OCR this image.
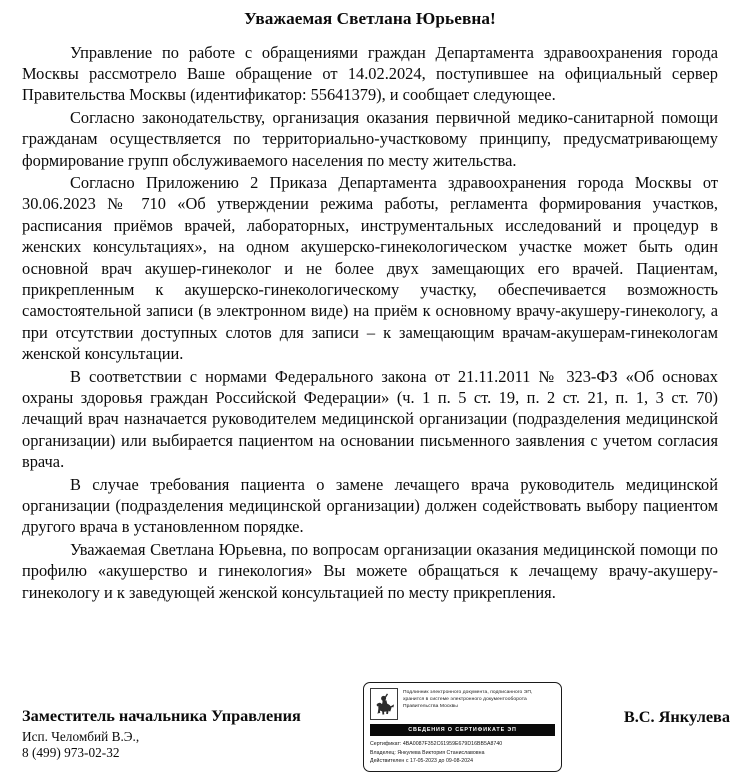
Уважаемая Светлана Юрьевна!

Управление по работе с обращениями граждан Департамента здравоохранения города Москвы рассмотрело Ваше обращение от 14.02.2024, поступившее на официальный сервер Правительства Москвы (идентификатор: 55641379), и сообщает следующее.

Согласно законодательству, организация оказания первичной медико-санитарной помощи гражданам осуществляется по территориально-участковому принципу, предусматривающему формирование групп обслуживаемого населения по месту жительства.

Согласно Приложению 2 Приказа Департамента здравоохранения города Москвы от 30.06.2023 № 710 «Об утверждении режима работы, регламента формирования участков, расписания приёмов врачей, лабораторных, инструментальных исследований и процедур в женских консультациях», на одном акушерско-гинекологическом участке может быть один основной врач акушер-гинеколог и не более двух замещающих его врачей. Пациентам, прикрепленным к акушерско-гинекологическому участку, обеспечивается возможность самостоятельной записи (в электронном виде) на приём к основному врачу-акушеру-гинекологу, а при отсутствии доступных слотов для записи – к замещающим врачам-акушерам-гинекологам женской консультации.

В соответствии с нормами Федерального закона от 21.11.2011 № 323-ФЗ «Об основах охраны здоровья граждан Российской Федерации» (ч. 1 п. 5 ст. 19, п. 2 ст. 21, п. 1, 3 ст. 70) лечащий врач назначается руководителем медицинской организации (подразделения медицинской организации) или выбирается пациентом на основании письменного заявления с учетом согласия врача.

В случае требования пациента о замене лечащего врача руководитель медицинской организации (подразделения медицинской организации) должен содействовать выбору пациентом другого врача в установленном порядке.

Уважаемая Светлана Юрьевна, по вопросам организации оказания медицинской помощи по профилю «акушерство и гинекология» Вы можете обращаться к лечащему врачу-акушеру-гинекологу и к заведующей женской консультацией по месту прикрепления.

Заместитель начальника Управления
Исп. Челомбий В.Э.,
8 (499) 973-02-32
В.С. Янкулева
Подлинник электронного документа, подписанного ЭП,
хранится в системе электронного документооборота
Правительства Москвы
СВЕДЕНИЯ О СЕРТИФИКАТЕ ЭП
Сертификат: 4BA0087F352C61959E679D16BB5A8740
Владелец: Янкулева Виктория Станиславовна
Действителен с 17-05-2023 до 09-08-2024
